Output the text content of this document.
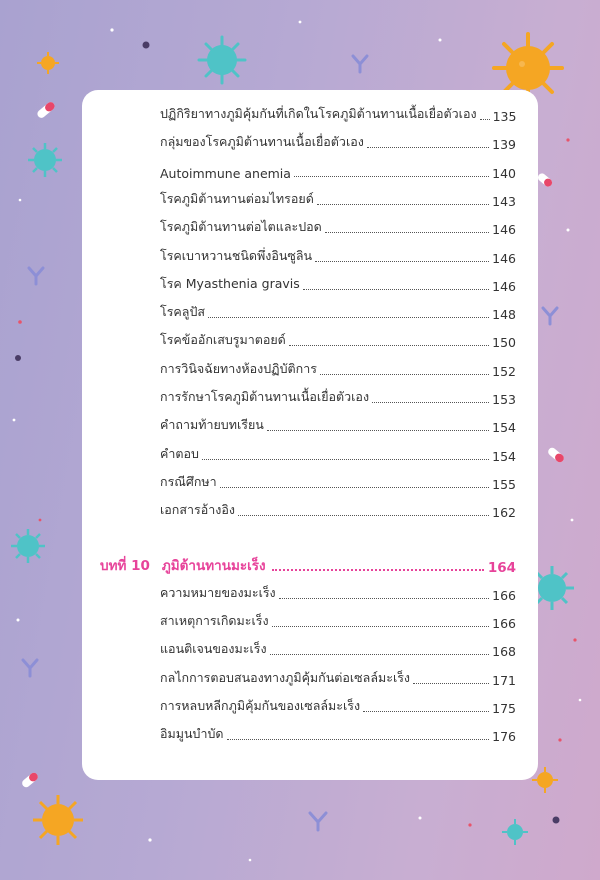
ปฏิกิริยาทางภูมิคุ้มกันที่เกิดในโรคภูมิต้านทานเนื้อเยื่อตัวเอง 135
กลุ่มของโรคภูมิต้านทานเนื้อเยื่อตัวเอง	139
Autoimmune anemia	140
โรคภูมิต้านทานต่อมไทรอยด์	143
โรคภูมิต้านทานต่อไตและปอด	146
โรคเบาหวานชนิดพึ่งอินซูลิน	146
โรค Myasthenia gravis	146
โรคลูปัส	148
โรคข้ออักเสบรูมาตอยด์	150
การวินิจฉัยทางห้องปฏิบัติการ	152
การรักษาโรคภูมิต้านทานเนื้อเยื่อตัวเอง	153
คำถามท้ายบทเรียน	154
คำตอบ	154
กรณีศึกษา	155
เอกสารอ้างอิง	162
บทที่ 10 ภูมิต้านทานมะเร็ง	164
ความหมายของมะเร็ง	166
สาเหตุการเกิดมะเร็ง	166
แอนติเจนของมะเร็ง	168
กลไกการตอบสนองทางภูมิคุ้มกันต่อเซลล์มะเร็ง	171
การหลบหลีกภูมิคุ้มกันของเซลล์มะเร็ง	175
อิมมูนบำบัด	176
